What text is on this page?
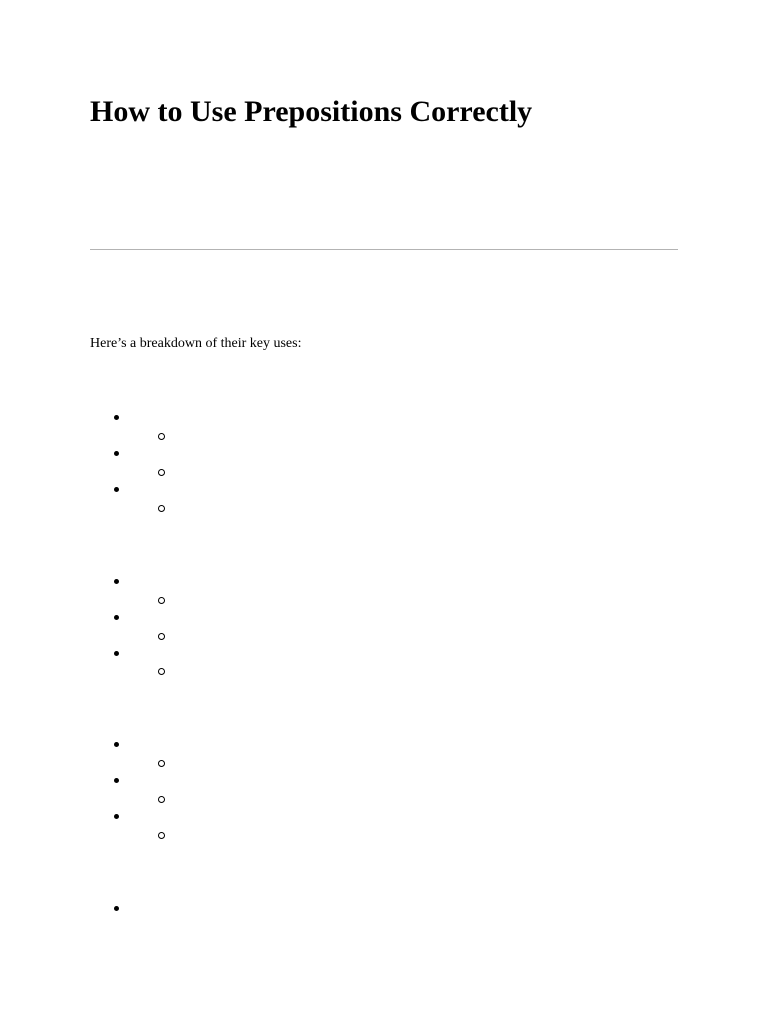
How to Use Prepositions Correctly

Here’s a breakdown of their key uses:
